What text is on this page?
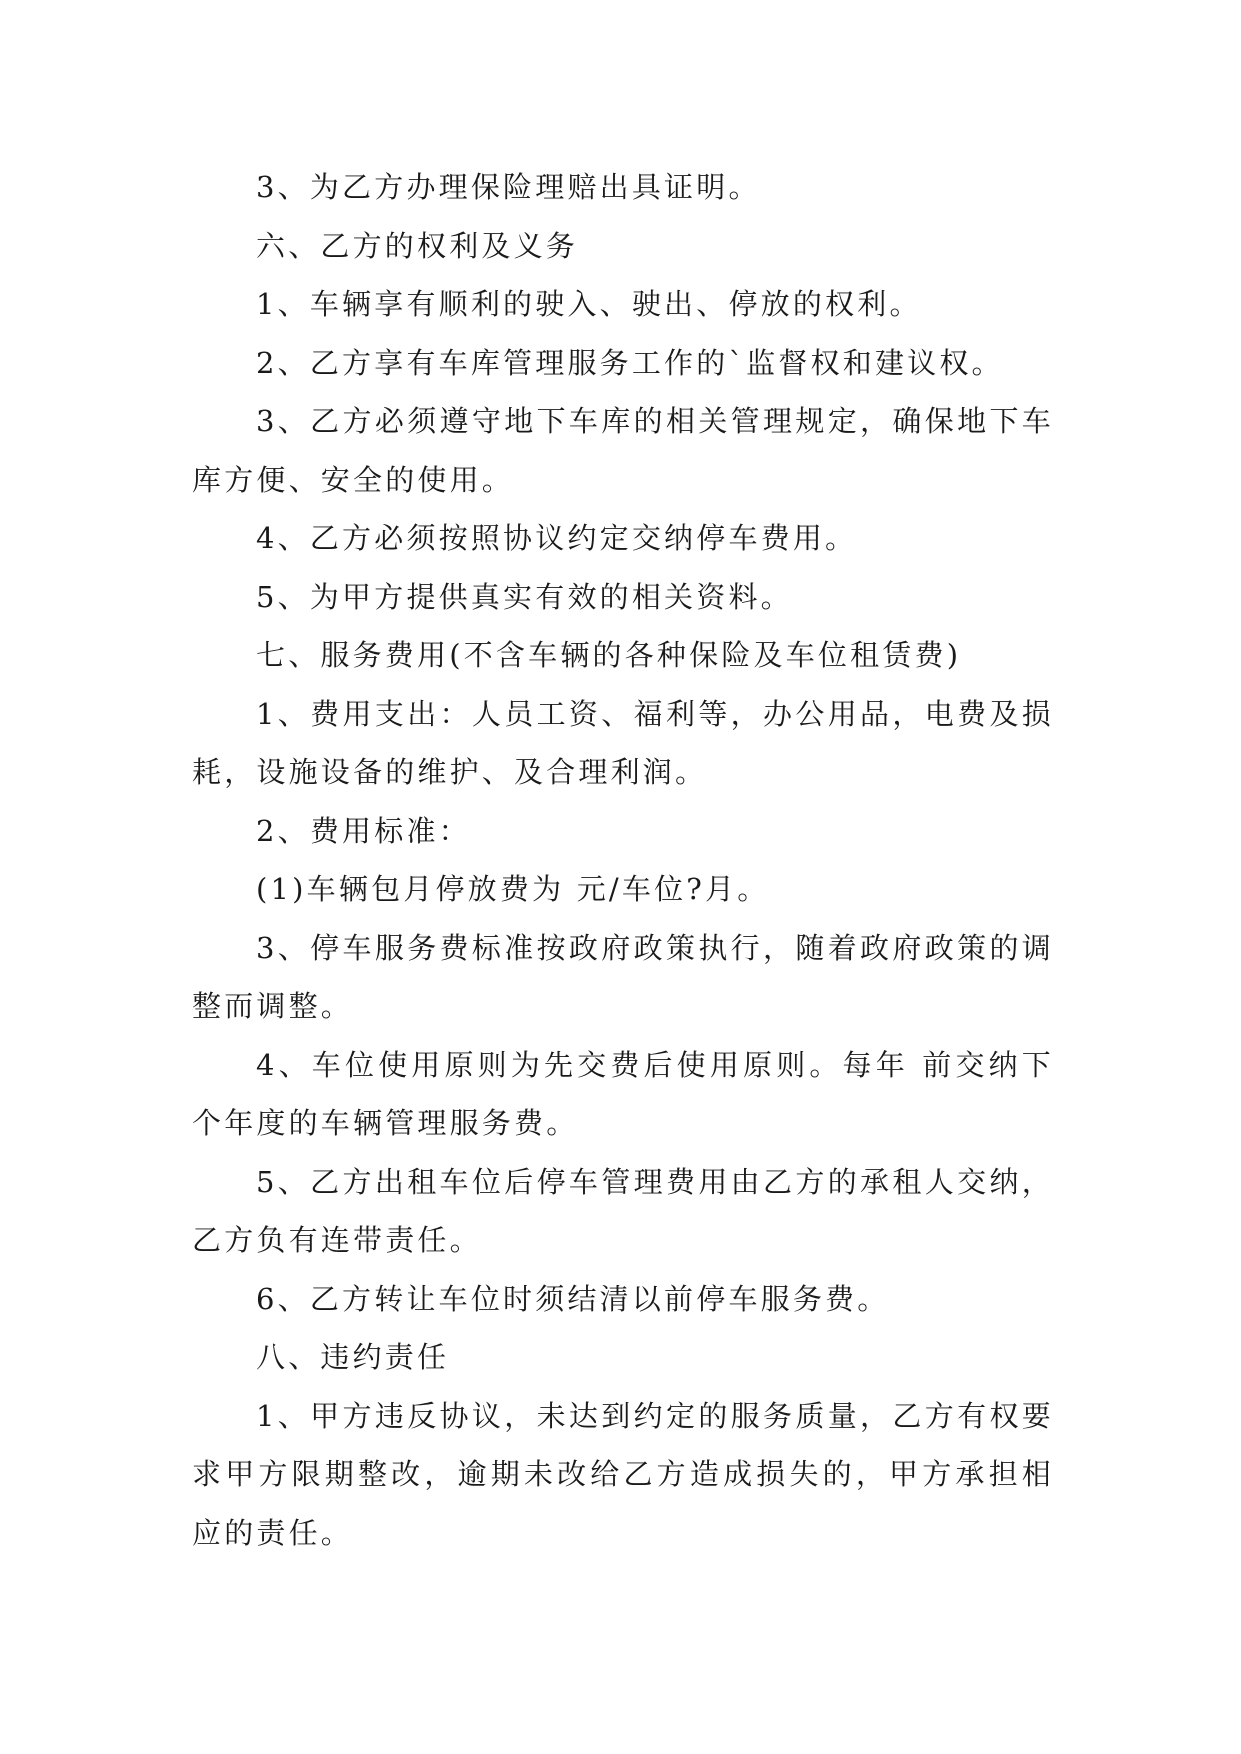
3、为乙方办理保险理赔出具证明。

六、乙方的权利及义务

1、车辆享有顺利的驶入、驶出、停放的权利。

2、乙方享有车库管理服务工作的`监督权和建议权。

3、乙方必须遵守地下车库的相关管理规定，确保地下车库方便、安全的使用。

4、乙方必须按照协议约定交纳停车费用。

5、为甲方提供真实有效的相关资料。

七、服务费用(不含车辆的各种保险及车位租赁费)

1、费用支出：人员工资、福利等，办公用品，电费及损耗，设施设备的维护、及合理利润。

2、费用标准：

(1)车辆包月停放费为 元/车位?月。

3、停车服务费标准按政府政策执行，随着政府政策的调整而调整。

4、车位使用原则为先交费后使用原则。每年 前交纳下个年度的车辆管理服务费。

5、乙方出租车位后停车管理费用由乙方的承租人交纳，乙方负有连带责任。

6、乙方转让车位时须结清以前停车服务费。

八、违约责任

1、甲方违反协议，未达到约定的服务质量，乙方有权要求甲方限期整改，逾期未改给乙方造成损失的，甲方承担相应的责任。
